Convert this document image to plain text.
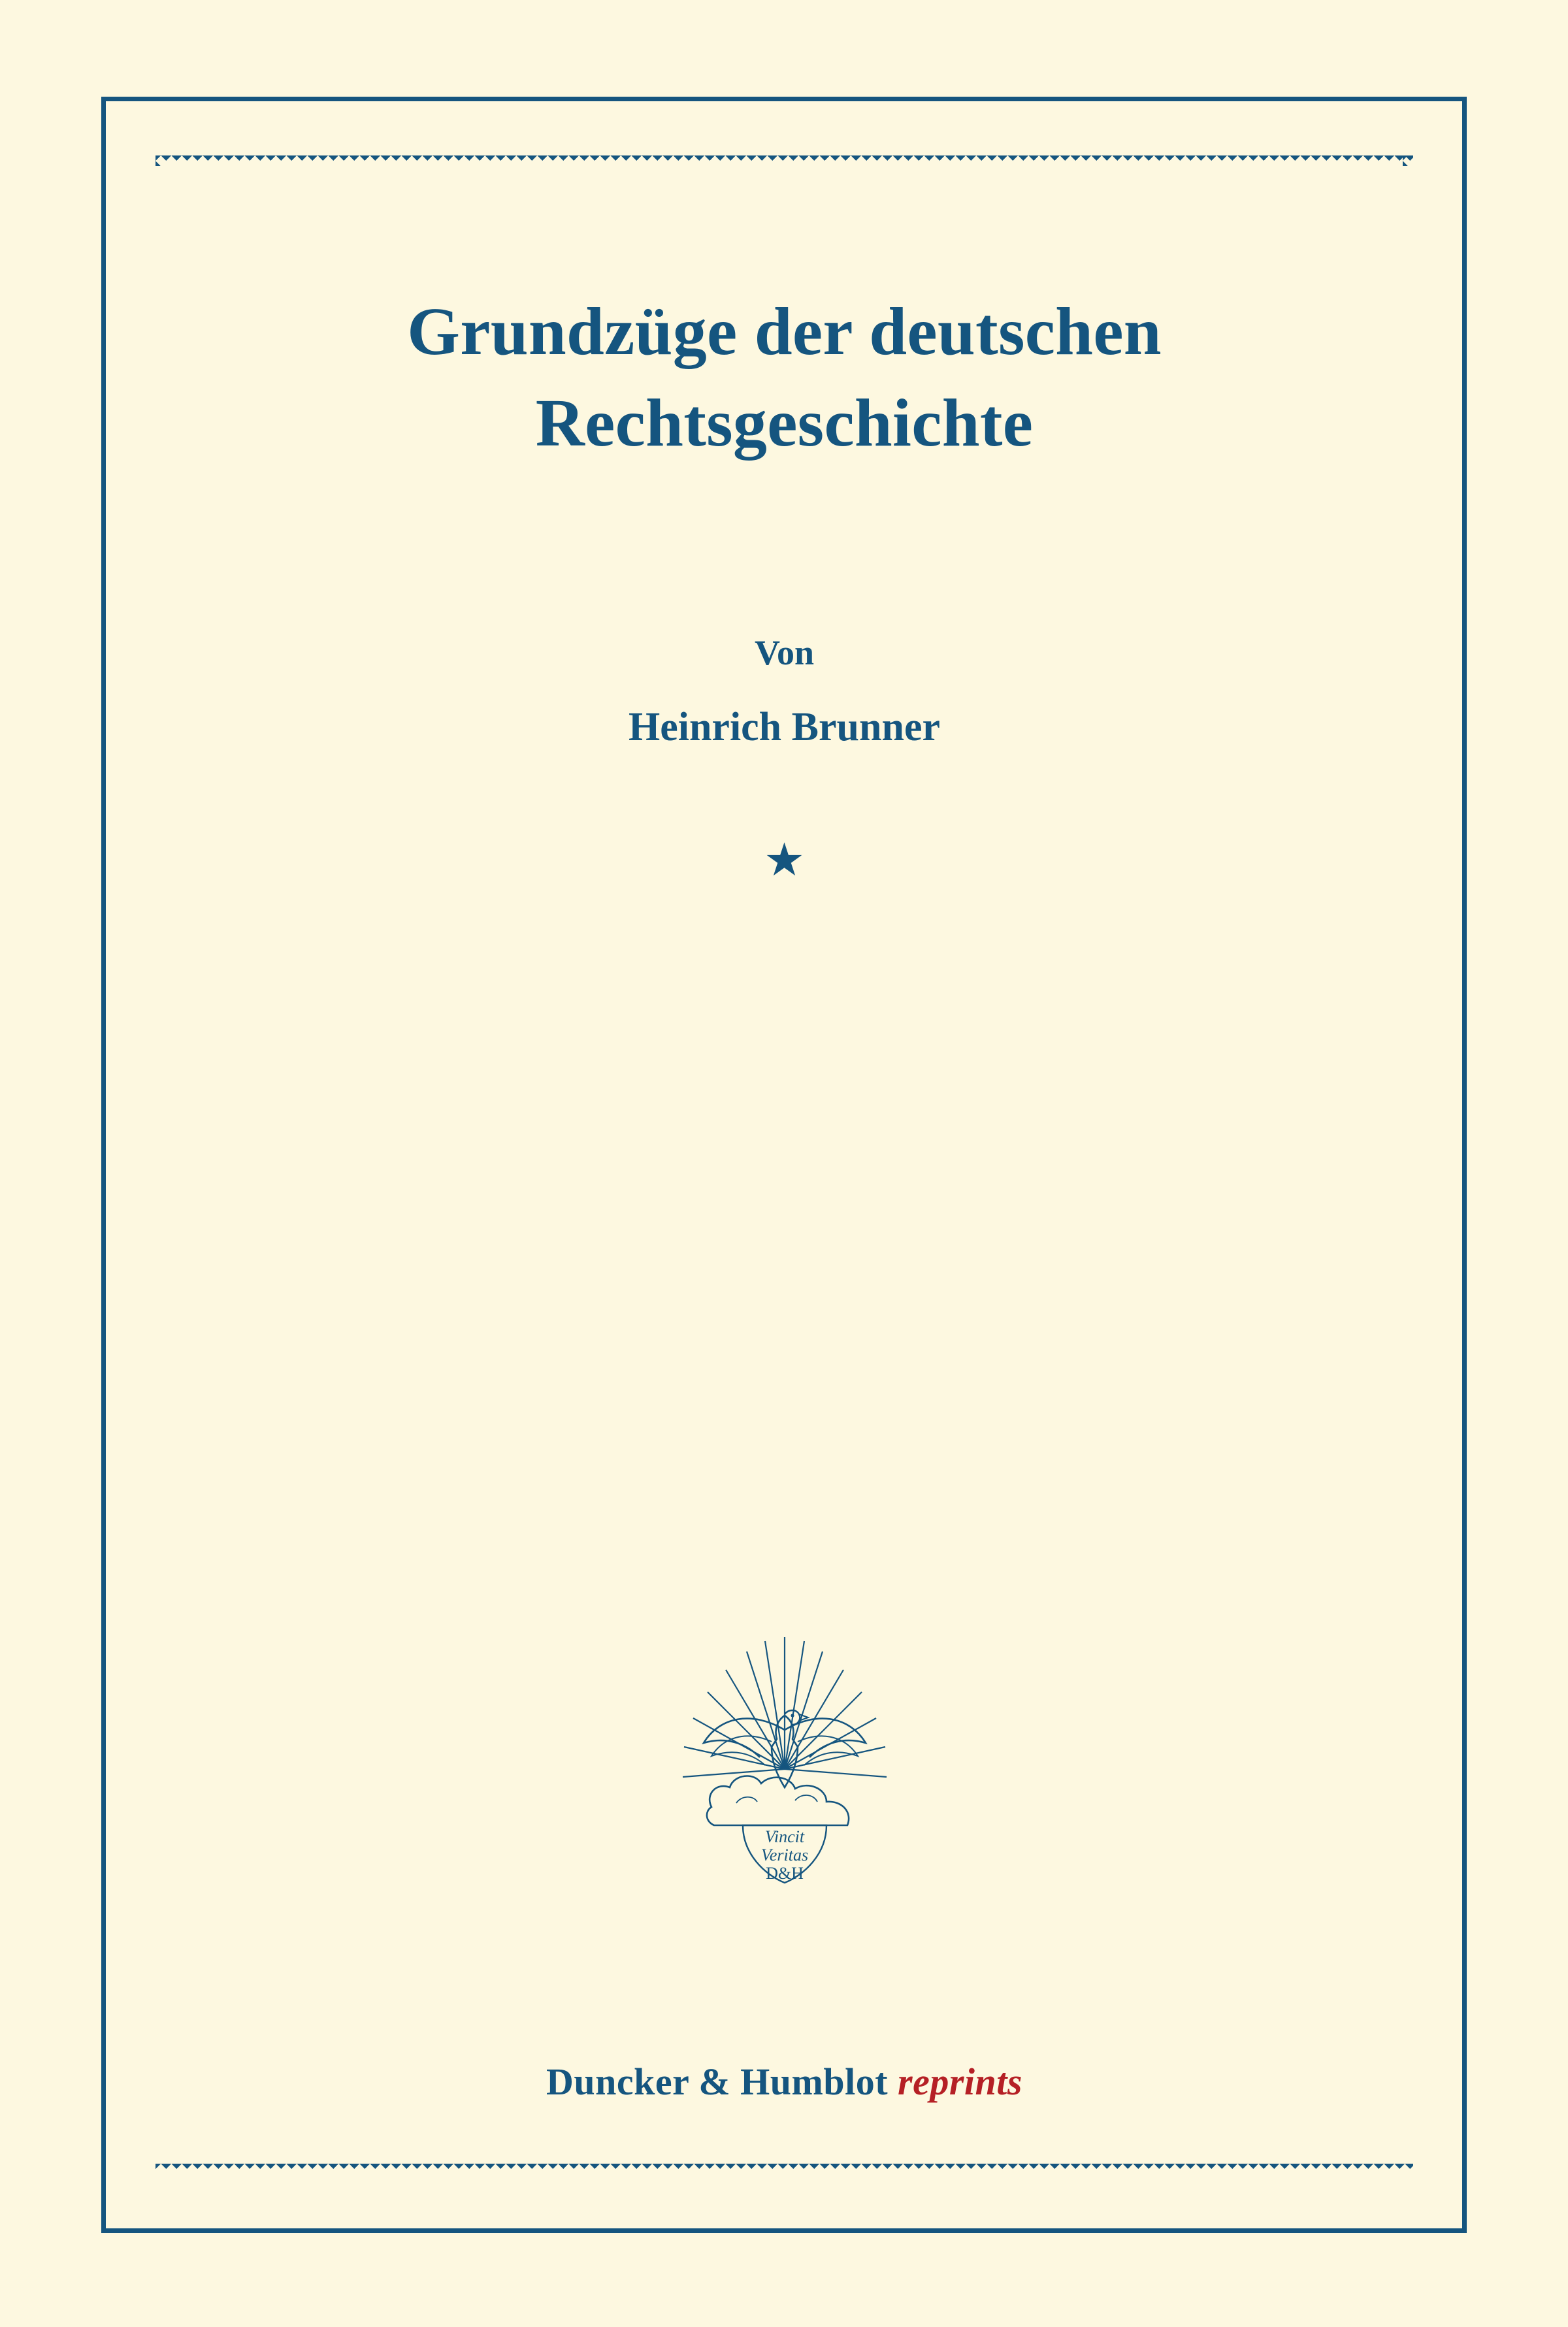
Grundzüge der deutschen Rechtsgeschichte
Von
Heinrich Brunner
★
Vincit
Veritas
D&H
Duncker & Humblot reprints
